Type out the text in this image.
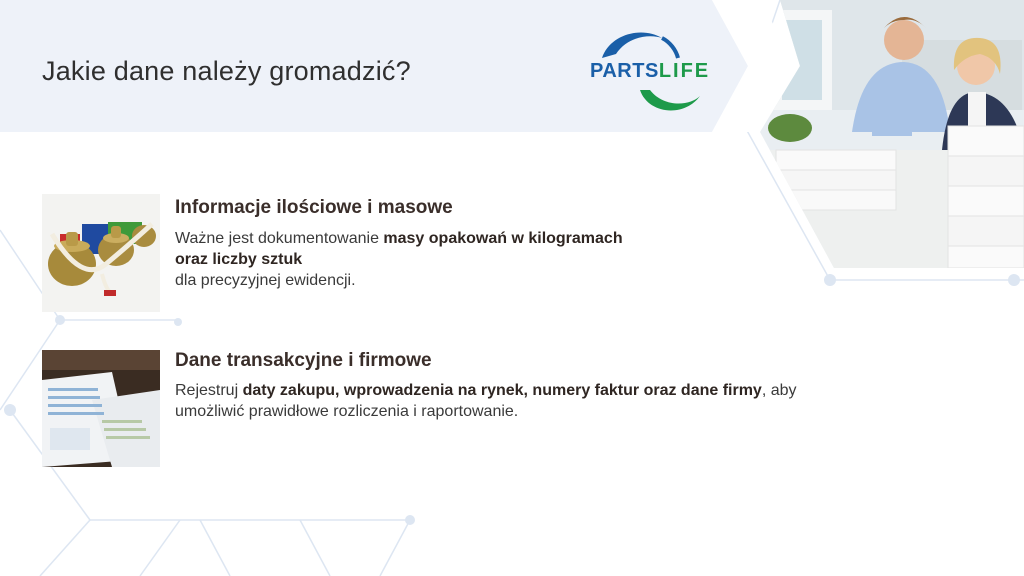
Jakie dane należy gromadzić?	PARTSLIFE
Informacje ilościowe i masowe

Ważne jest dokumentowanie masy opakowań w kilogramach
oraz liczby sztuk
dla precyzyjnej ewidencji.

Dane transakcyjne i firmowe

Rejestruj daty zakupu, wprowadzenia na rynek, numery faktur oraz dane firmy, aby umożliwić prawidłowe rozliczenia i raportowanie.
